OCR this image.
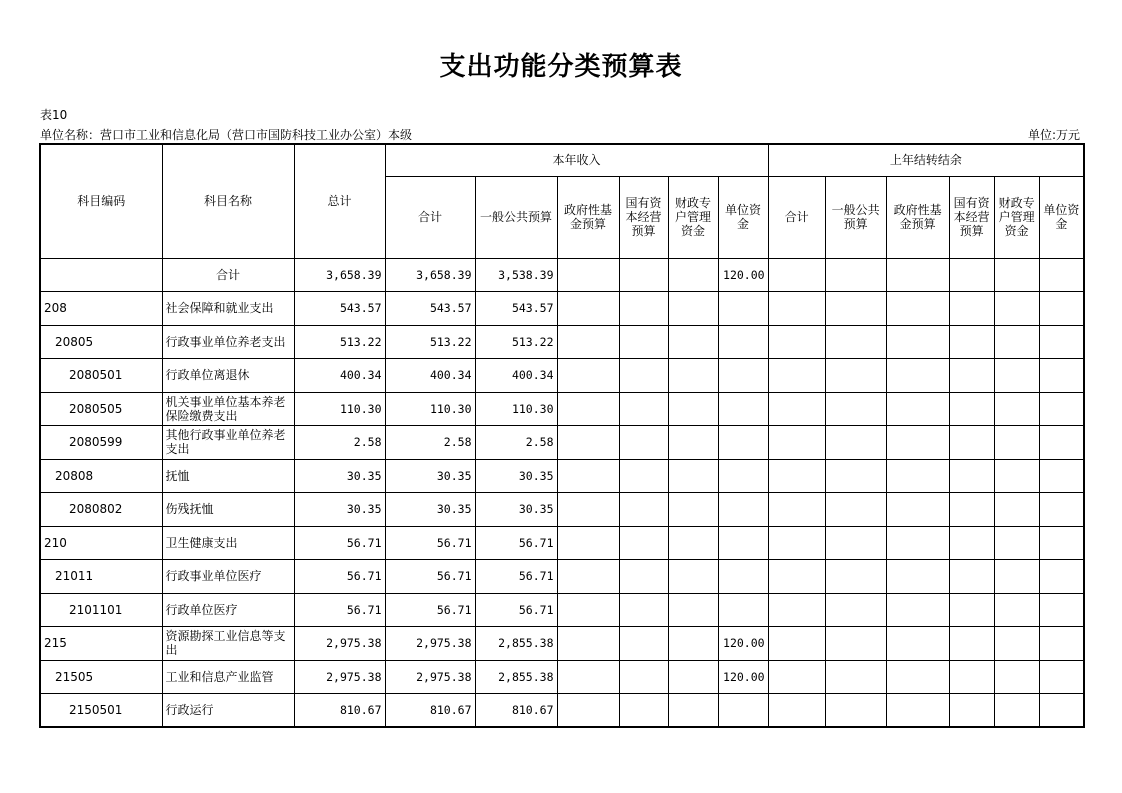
支出功能分类预算表
表10
单位名称：营口市工业和信息化局（营口市国防科技工业办公室）本级	单位:万元
科目编码	科目名称	总计	本年收入						上年结转结余					
			合计	一般公共预算	政府性基金预算	国有资本经营预算	财政专户管理资金	单位资金	合计	一般公共预算	政府性基金预算	国有资本经营预算	财政专户管理资金	单位资金
	合计	3,658.39	3,658.39	3,538.39				120.00						
208	社会保障和就业支出	543.57	543.57	543.57										
20805	行政事业单位养老支出	513.22	513.22	513.22										
2080501	行政单位离退休	400.34	400.34	400.34										
2080505	机关事业单位基本养老保险缴费支出	110.30	110.30	110.30										
2080599	其他行政事业单位养老支出	2.58	2.58	2.58										
20808	抚恤	30.35	30.35	30.35										
2080802	伤残抚恤	30.35	30.35	30.35										
210	卫生健康支出	56.71	56.71	56.71										
21011	行政事业单位医疗	56.71	56.71	56.71										
2101101	行政单位医疗	56.71	56.71	56.71										
215	资源勘探工业信息等支出	2,975.38	2,975.38	2,855.38				120.00						
21505	工业和信息产业监管	2,975.38	2,975.38	2,855.38				120.00						
2150501	行政运行	810.67	810.67	810.67										
